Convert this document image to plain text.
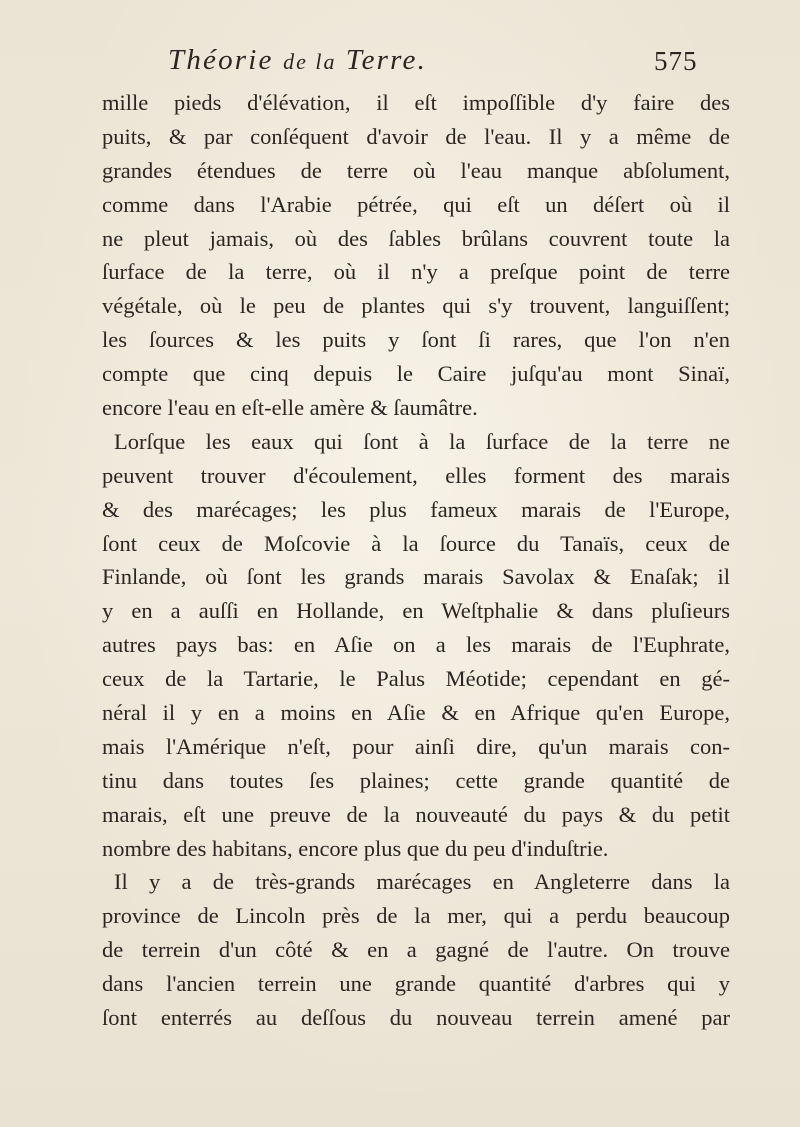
Théorie de la Terre.	575
mille pieds d'élévation, il eſt impoſſible d'y faire des
puits, & par conſéquent d'avoir de l'eau. Il y a même de
grandes étendues de terre où l'eau manque abſolument,
comme dans l'Arabie pétrée, qui eſt un déſert où il
ne pleut jamais, où des ſables brûlans couvrent toute la
ſurface de la terre, où il n'y a preſque point de terre
végétale, où le peu de plantes qui s'y trouvent, languiſſent;
les ſources & les puits y ſont ſi rares, que l'on n'en
compte que cinq depuis le Caire juſqu'au mont Sinaï,
encore l'eau en eſt-elle amère & ſaumâtre.
Lorſque les eaux qui ſont à la ſurface de la terre ne
peuvent trouver d'écoulement, elles forment des marais
& des marécages; les plus fameux marais de l'Europe,
ſont ceux de Moſcovie à la ſource du Tanaïs, ceux de
Finlande, où ſont les grands marais Savolax & Enaſak; il
y en a auſſi en Hollande, en Weſtphalie & dans pluſieurs
autres pays bas: en Aſie on a les marais de l'Euphrate,
ceux de la Tartarie, le Palus Méotide; cependant en gé-
néral il y en a moins en Aſie & en Afrique qu'en Europe,
mais l'Amérique n'eſt, pour ainſi dire, qu'un marais con-
tinu dans toutes ſes plaines; cette grande quantité de
marais, eſt une preuve de la nouveauté du pays & du petit
nombre des habitans, encore plus que du peu d'induſtrie.
Il y a de très-grands marécages en Angleterre dans la
province de Lincoln près de la mer, qui a perdu beaucoup
de terrein d'un côté & en a gagné de l'autre. On trouve
dans l'ancien terrein une grande quantité d'arbres qui y
ſont enterrés au deſſous du nouveau terrein amené par
